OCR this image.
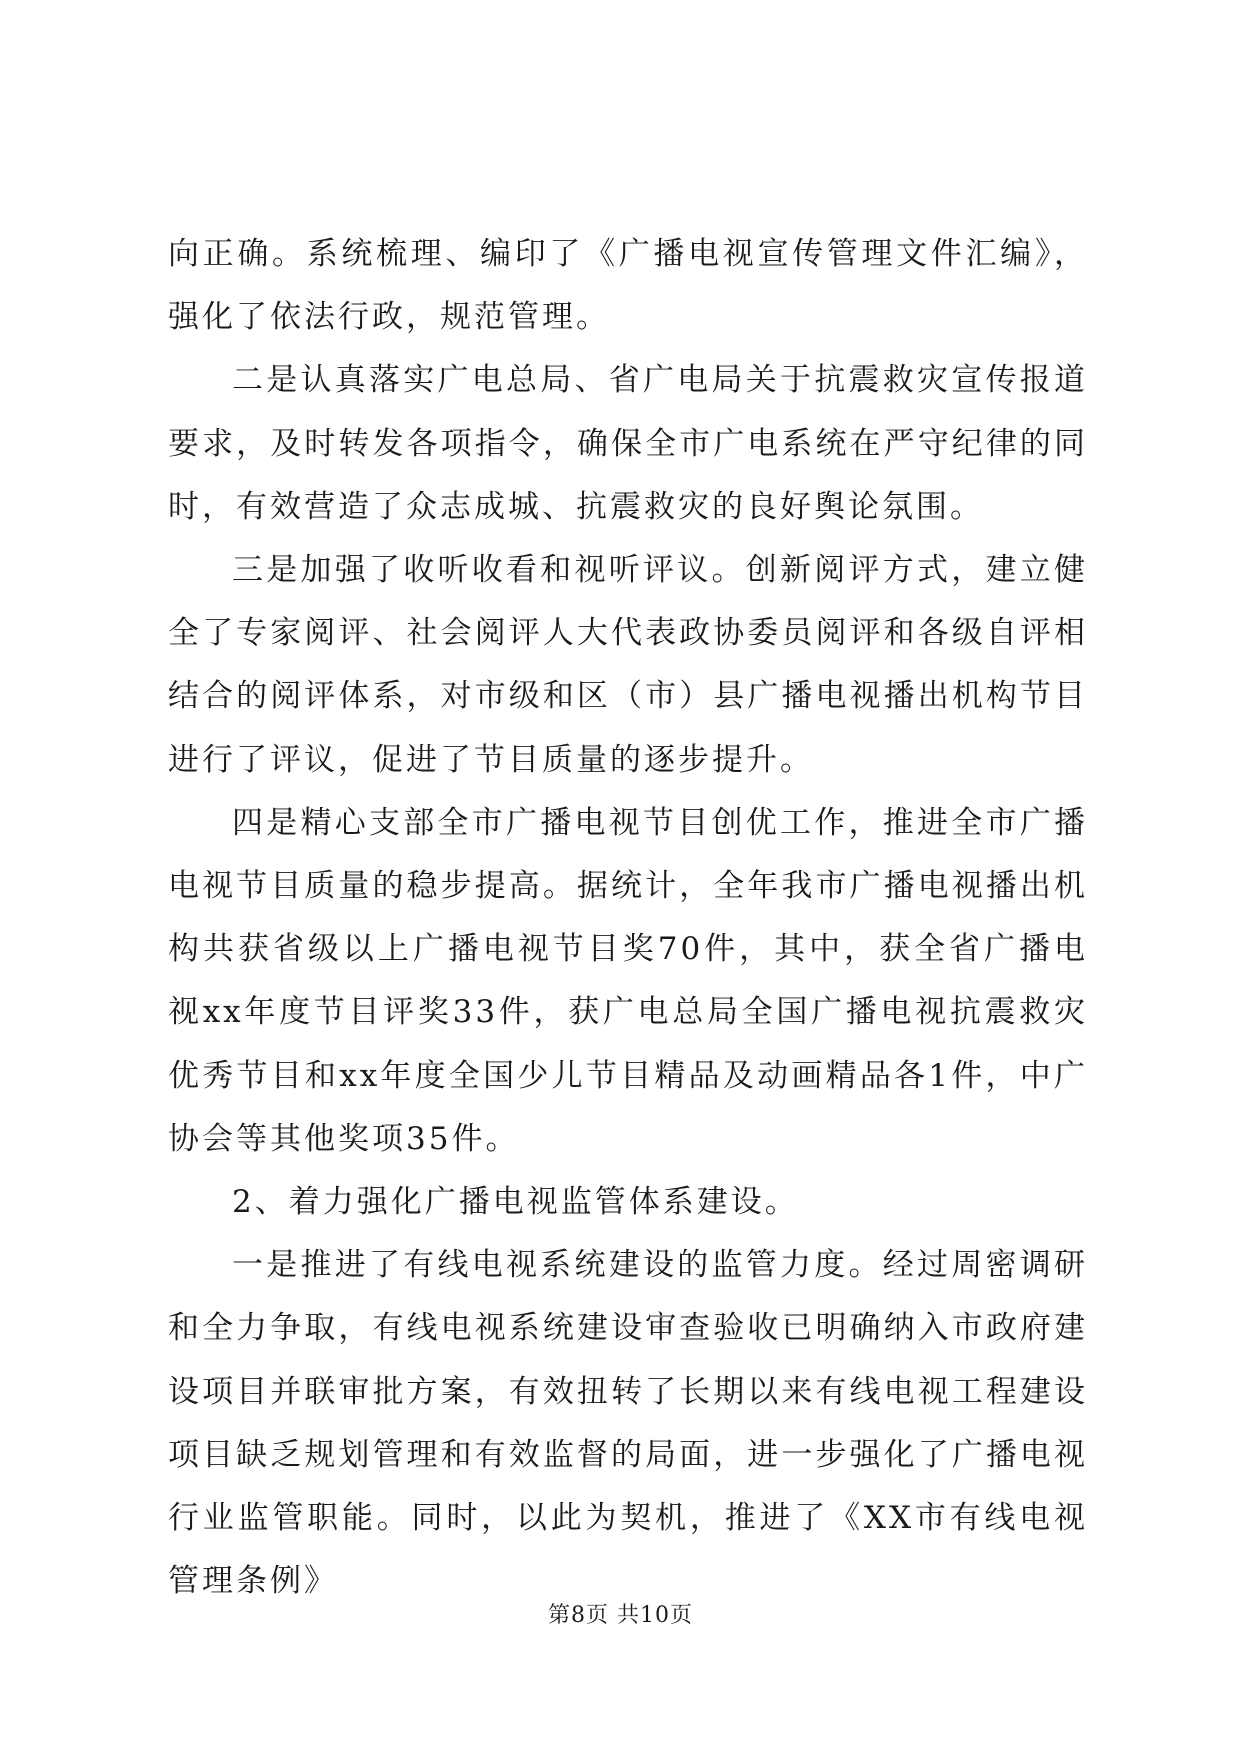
向正确。系统梳理、编印了《广播电视宣传管理文件汇编》，强化了依法行政，规范管理。

二是认真落实广电总局、省广电局关于抗震救灾宣传报道要求，及时转发各项指令，确保全市广电系统在严守纪律的同时，有效营造了众志成城、抗震救灾的良好舆论氛围。

三是加强了收听收看和视听评议。创新阅评方式，建立健全了专家阅评、社会阅评人大代表政协委员阅评和各级自评相结合的阅评体系，对市级和区（市）县广播电视播出机构节目进行了评议，促进了节目质量的逐步提升。

四是精心支部全市广播电视节目创优工作，推进全市广播电视节目质量的稳步提高。据统计，全年我市广播电视播出机构共获省级以上广播电视节目奖70件，其中，获全省广播电视xx年度节目评奖33件，获广电总局全国广播电视抗震救灾优秀节目和xx年度全国少儿节目精品及动画精品各1件，中广协会等其他奖项35件。

2、着力强化广播电视监管体系建设。

一是推进了有线电视系统建设的监管力度。经过周密调研和全力争取，有线电视系统建设审查验收已明确纳入市政府建设项目并联审批方案，有效扭转了长期以来有线电视工程建设项目缺乏规划管理和有效监督的局面，进一步强化了广播电视行业监管职能。同时，以此为契机，推进了《XX市有线电视管理条例》

第8页 共10页
